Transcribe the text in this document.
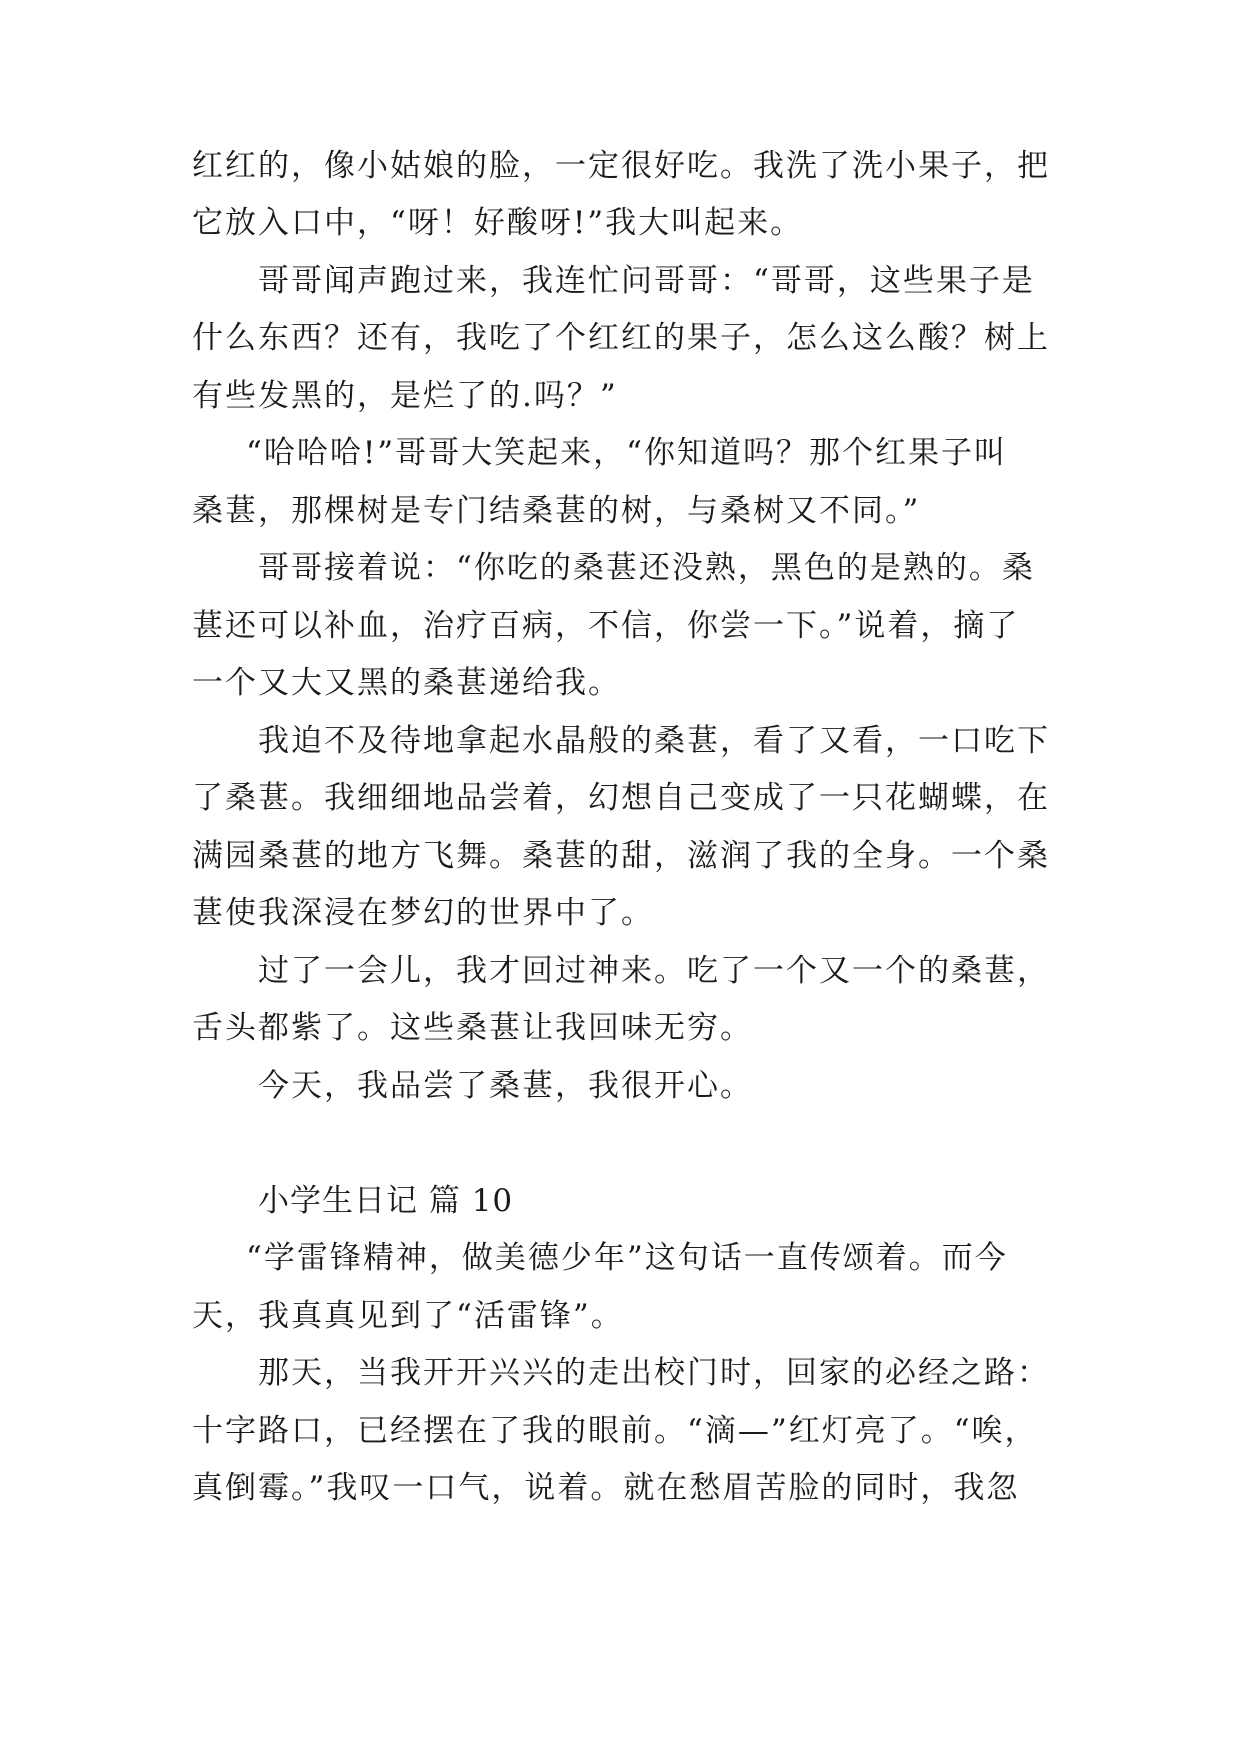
红红的，像小姑娘的脸，一定很好吃。我洗了洗小果子，把
它放入口中，“呀！好酸呀!”我大叫起来。
哥哥闻声跑过来，我连忙问哥哥：“哥哥，这些果子是
什么东西？还有，我吃了个红红的果子，怎么这么酸？树上
有些发黑的，是烂了的.吗？”
“哈哈哈!”哥哥大笑起来，“你知道吗？那个红果子叫
桑葚，那棵树是专门结桑葚的树，与桑树又不同。”
哥哥接着说：“你吃的桑葚还没熟，黑色的是熟的。桑
葚还可以补血，治疗百病，不信，你尝一下。”说着，摘了
一个又大又黑的桑葚递给我。
我迫不及待地拿起水晶般的桑葚，看了又看，一口吃下
了桑葚。我细细地品尝着，幻想自己变成了一只花蝴蝶，在
满园桑葚的地方飞舞。桑葚的甜，滋润了我的全身。一个桑
葚使我深浸在梦幻的世界中了。
过了一会儿，我才回过神来。吃了一个又一个的桑葚，
舌头都紫了。这些桑葚让我回味无穷。
今天，我品尝了桑葚，我很开心。
小学生日记 篇 10
“学雷锋精神，做美德少年”这句话一直传颂着。而今
天，我真真见到了“活雷锋”。
那天，当我开开兴兴的走出校门时，回家的必经之路：
十字路口，已经摆在了我的眼前。“滴—”红灯亮了。“唉，
真倒霉。”我叹一口气，说着。就在愁眉苦脸的同时，我忽
